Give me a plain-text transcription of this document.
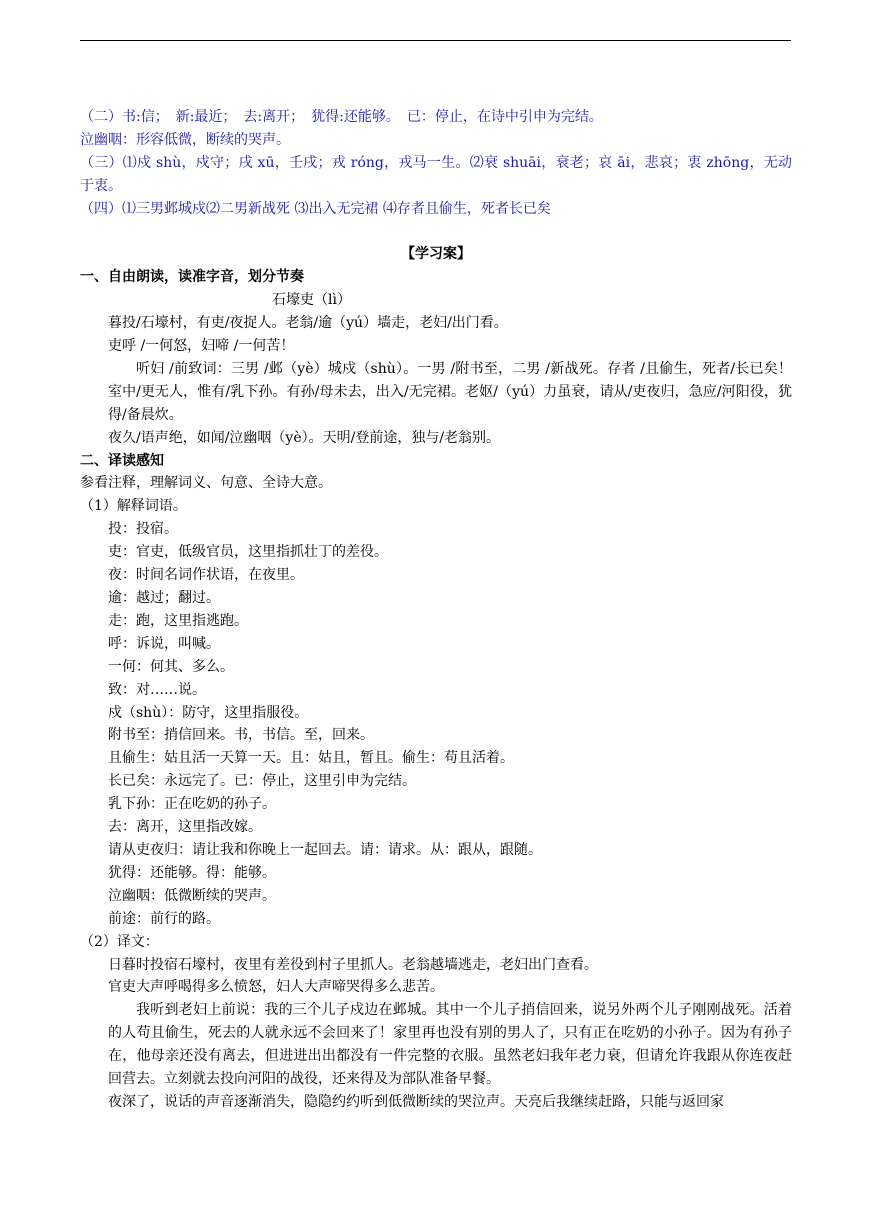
（二）书:信；　新:最近；　去:离开；　犹得:还能够。　已：停止，在诗中引申为完结。
泣幽咽：形容低微，断续的哭声。
（三）⑴戍 shù，戍守；戌 xū，壬戌；戎 róng，戎马一生。⑵衰 shuāi，衰老；哀 āi，悲哀；衷 zhōng，无动于衷。
（四）⑴三男邺城戍⑵二男新战死 ⑶出入无完裙 ⑷存者且偷生，死者长已矣
【学习案】
一、自由朗读，读准字音，划分节奏
石壕吏（lì）
暮投/石壕村，有吏/夜捉人。老翁/逾（yú）墙走，老妇/出门看。
吏呼 /一何怒，妇啼 /一何苦！
听妇 /前致词：三男 /邺（yè）城戍（shù）。一男 /附书至，二男 /新战死。存者 /且偷生，死者/长已矣！室中/更无人，惟有/乳下孙。有孙/母未去，出入/无完裙。老妪/（yú）力虽衰，请从/吏夜归，急应/河阳役，犹得/备晨炊。
夜久/语声绝，如闻/泣幽咽（yè）。天明/登前途，独与/老翁别。
二、译读感知
参看注释，理解词义、句意、全诗大意。
（1）解释词语。
投：投宿。
吏：官吏，低级官员，这里指抓壮丁的差役。
夜：时间名词作状语，在夜里。
逾：越过；翻过。
走：跑，这里指逃跑。
呼：诉说，叫喊。
一何：何其、多么。
致：对……说。
戍（shù）：防守，这里指服役。
附书至：捎信回来。书，书信。至，回来。
且偷生：姑且活一天算一天。且：姑且，暂且。偷生：苟且活着。
长已矣：永远完了。已：停止，这里引申为完结。
乳下孙：正在吃奶的孙子。
去：离开，这里指改嫁。
请从吏夜归：请让我和你晚上一起回去。请：请求。从：跟从，跟随。
犹得：还能够。得：能够。
泣幽咽：低微断续的哭声。
前途：前行的路。
（2）译文：
日暮时投宿石壕村，夜里有差役到村子里抓人。老翁越墙逃走，老妇出门查看。
官吏大声呼喝得多么愤怒，妇人大声啼哭得多么悲苦。
我听到老妇上前说：我的三个儿子戍边在邺城。其中一个儿子捎信回来，说另外两个儿子刚刚战死。活着的人苟且偷生，死去的人就永远不会回来了！家里再也没有别的男人了，只有正在吃奶的小孙子。因为有孙子在，他母亲还没有离去，但进进出出都没有一件完整的衣服。虽然老妇我年老力衰，但请允许我跟从你连夜赶回营去。立刻就去投向河阳的战役，还来得及为部队准备早餐。
夜深了，说话的声音逐渐消失，隐隐约约听到低微断续的哭泣声。天亮后我继续赶路，只能与返回家
